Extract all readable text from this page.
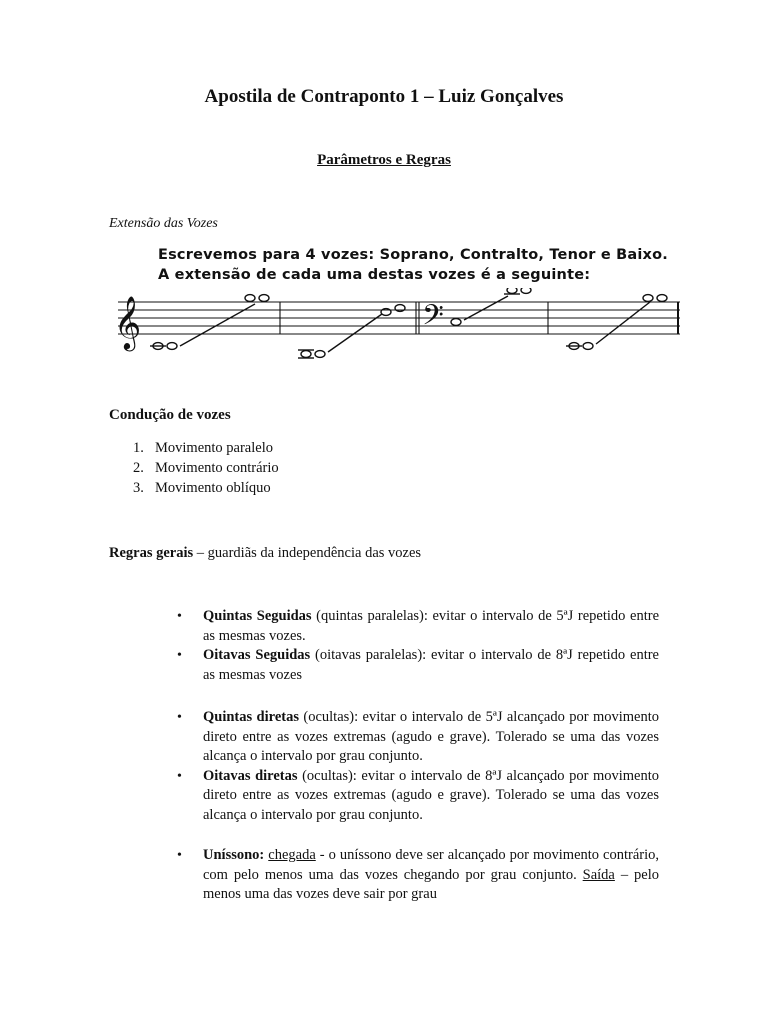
Apostila de Contraponto 1 – Luiz Gonçalves
Parâmetros e Regras
Extensão das Vozes
Escrevemos para 4 vozes: Soprano, Contralto, Tenor e Baixo.
A extensão de cada uma destas vozes é a seguinte:
𝄞	𝄢
Condução de vozes
1. Movimento paralelo
2. Movimento contrário
3. Movimento oblíquo
Regras gerais – guardiãs da independência das vozes
• Quintas Seguidas (quintas paralelas): evitar o intervalo de 5ªJ repetido entre as mesmas vozes.
• Oitavas Seguidas (oitavas paralelas): evitar o intervalo de 8ªJ repetido entre as mesmas vozes
• Quintas diretas (ocultas): evitar o intervalo de 5ªJ alcançado por movimento direto entre as vozes extremas (agudo e grave). Tolerado se uma das vozes alcança o intervalo por grau conjunto.
• Oitavas diretas (ocultas): evitar o intervalo de 8ªJ alcançado por movimento direto entre as vozes extremas (agudo e grave). Tolerado se uma das vozes alcança o intervalo por grau conjunto.
• Uníssono: chegada - o uníssono deve ser alcançado por movimento contrário, com pelo menos uma das vozes chegando por grau conjunto. Saída – pelo menos uma das vozes deve sair por grau
